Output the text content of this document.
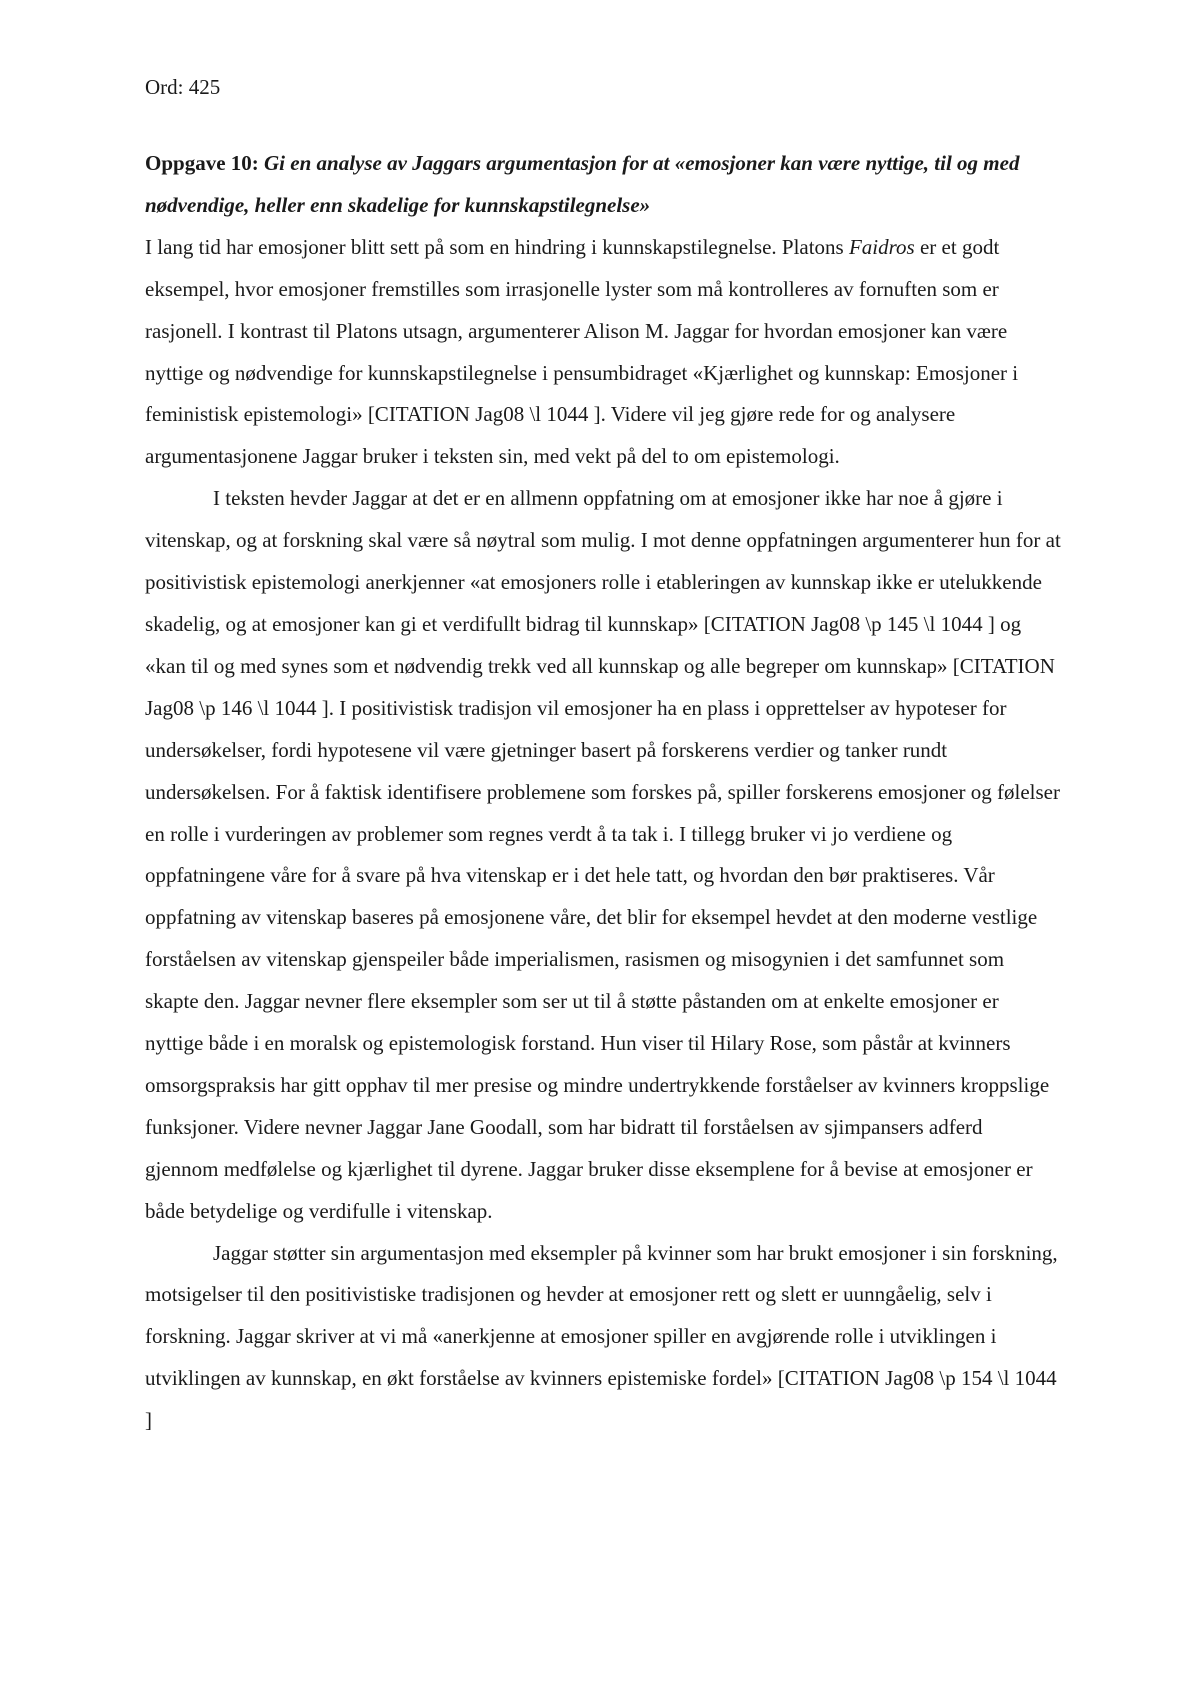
Ord: 425

Oppgave 10: Gi en analyse av Jaggars argumentasjon for at «emosjoner kan være nyttige, til og med nødvendige, heller enn skadelige for kunnskapstilegnelse»

I lang tid har emosjoner blitt sett på som en hindring i kunnskapstilegnelse. Platons Faidros er et godt eksempel, hvor emosjoner fremstilles som irrasjonelle lyster som må kontrolleres av fornuften som er rasjonell. I kontrast til Platons utsagn, argumenterer Alison M. Jaggar for hvordan emosjoner kan være nyttige og nødvendige for kunnskapstilegnelse i pensumbidraget «Kjærlighet og kunnskap: Emosjoner i feministisk epistemologi» [CITATION Jag08 \l 1044 ]. Videre vil jeg gjøre rede for og analysere argumentasjonene Jaggar bruker i teksten sin, med vekt på del to om epistemologi.

I teksten hevder Jaggar at det er en allmenn oppfatning om at emosjoner ikke har noe å gjøre i vitenskap, og at forskning skal være så nøytral som mulig. I mot denne oppfatningen argumenterer hun for at positivistisk epistemologi anerkjenner «at emosjoners rolle i etableringen av kunnskap ikke er utelukkende skadelig, og at emosjoner kan gi et verdifullt bidrag til kunnskap» [CITATION Jag08 \p 145 \l 1044 ] og «kan til og med synes som et nødvendig trekk ved all kunnskap og alle begreper om kunnskap» [CITATION Jag08 \p 146 \l 1044 ]. I positivistisk tradisjon vil emosjoner ha en plass i opprettelser av hypoteser for undersøkelser, fordi hypotesene vil være gjetninger basert på forskerens verdier og tanker rundt undersøkelsen. For å faktisk identifisere problemene som forskes på, spiller forskerens emosjoner og følelser en rolle i vurderingen av problemer som regnes verdt å ta tak i. I tillegg bruker vi jo verdiene og oppfatningene våre for å svare på hva vitenskap er i det hele tatt, og hvordan den bør praktiseres. Vår oppfatning av vitenskap baseres på emosjonene våre, det blir for eksempel hevdet at den moderne vestlige forståelsen av vitenskap gjenspeiler både imperialismen, rasismen og misogynien i det samfunnet som skapte den. Jaggar nevner flere eksempler som ser ut til å støtte påstanden om at enkelte emosjoner er nyttige både i en moralsk og epistemologisk forstand. Hun viser til Hilary Rose, som påstår at kvinners omsorgspraksis har gitt opphav til mer presise og mindre undertrykkende forståelser av kvinners kroppslige funksjoner. Videre nevner Jaggar Jane Goodall, som har bidratt til forståelsen av sjimpansers adferd gjennom medfølelse og kjærlighet til dyrene. Jaggar bruker disse eksemplene for å bevise at emosjoner er både betydelige og verdifulle i vitenskap.

Jaggar støtter sin argumentasjon med eksempler på kvinner som har brukt emosjoner i sin forskning, motsigelser til den positivistiske tradisjonen og hevder at emosjoner rett og slett er uunngåelig, selv i forskning. Jaggar skriver at vi må «anerkjenne at emosjoner spiller en avgjørende rolle i utviklingen i utviklingen av kunnskap, en økt forståelse av kvinners epistemiske fordel» [CITATION Jag08 \p 154 \l 1044 ]
